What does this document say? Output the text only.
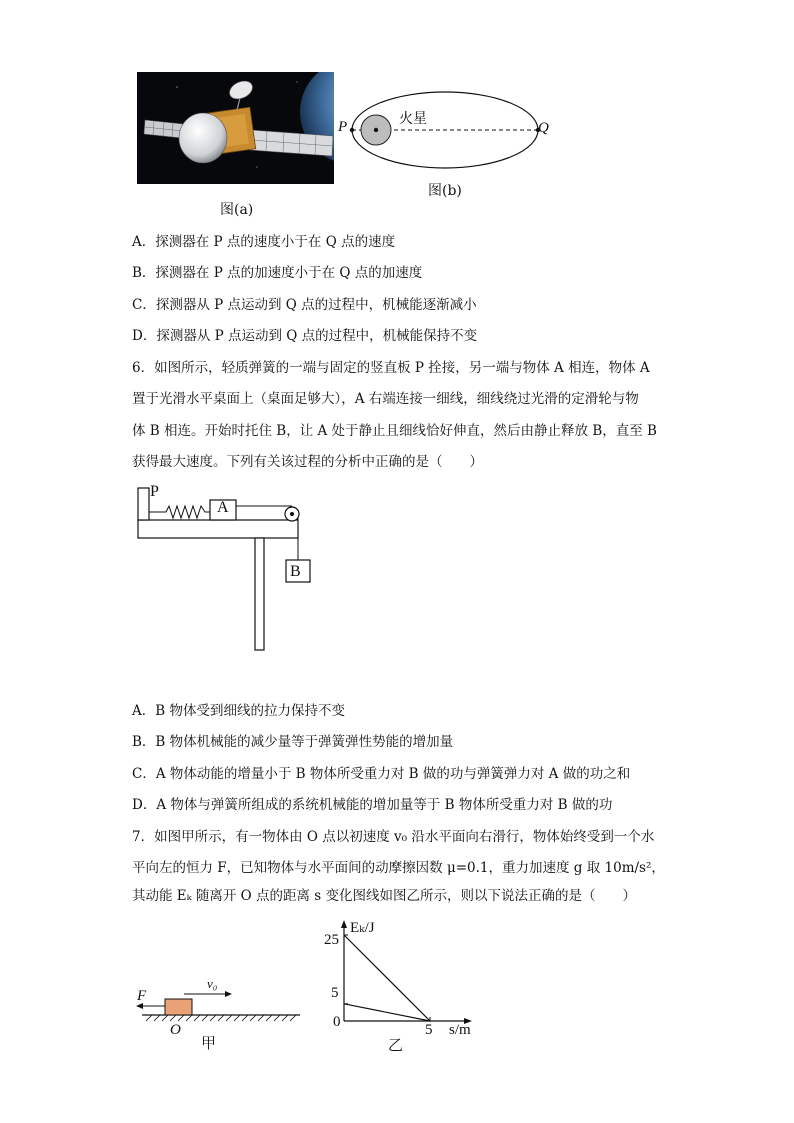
图(a)
P	Q
火星
图(b)
A．探测器在 P 点的速度小于在 Q 点的速度
B．探测器在 P 点的加速度小于在 Q 点的加速度
C．探测器从 P 点运动到 Q 点的过程中，机械能逐渐减小
D．探测器从 P 点运动到 Q 点的过程中，机械能保持不变
6．如图所示，轻质弹簧的一端与固定的竖直板 P 拴接，另一端与物体 A 相连，物体 A
置于光滑水平桌面上（桌面足够大），A 右端连接一细线，细线绕过光滑的定滑轮与物
体 B 相连。开始时托住 B，让 A 处于静止且细线恰好伸直，然后由静止释放 B，直至 B
获得最大速度。下列有关该过程的分析中正确的是（　　）
P
A
B
A．B 物体受到细线的拉力保持不变
B．B 物体机械能的减少量等于弹簧弹性势能的增加量
C．A 物体动能的增量小于 B 物体所受重力对 B 做的功与弹簧弹力对 A 做的功之和
D．A 物体与弹簧所组成的系统机械能的增加量等于 B 物体所受重力对 B 做的功
7．如图甲所示，有一物体由 O 点以初速度 v₀ 沿水平面向右滑行，物体始终受到一个水
平向左的恒力 F，已知物体与水平面间的动摩擦因数 μ=0.1，重力加速度 g 取 10m/s²，
其动能 Eₖ 随离开 O 点的距离 s 变化图线如图乙所示，则以下说法正确的是（　　）
F
v₀
O
甲
Eₖ/J
25
5
0	5 s/m
乙
